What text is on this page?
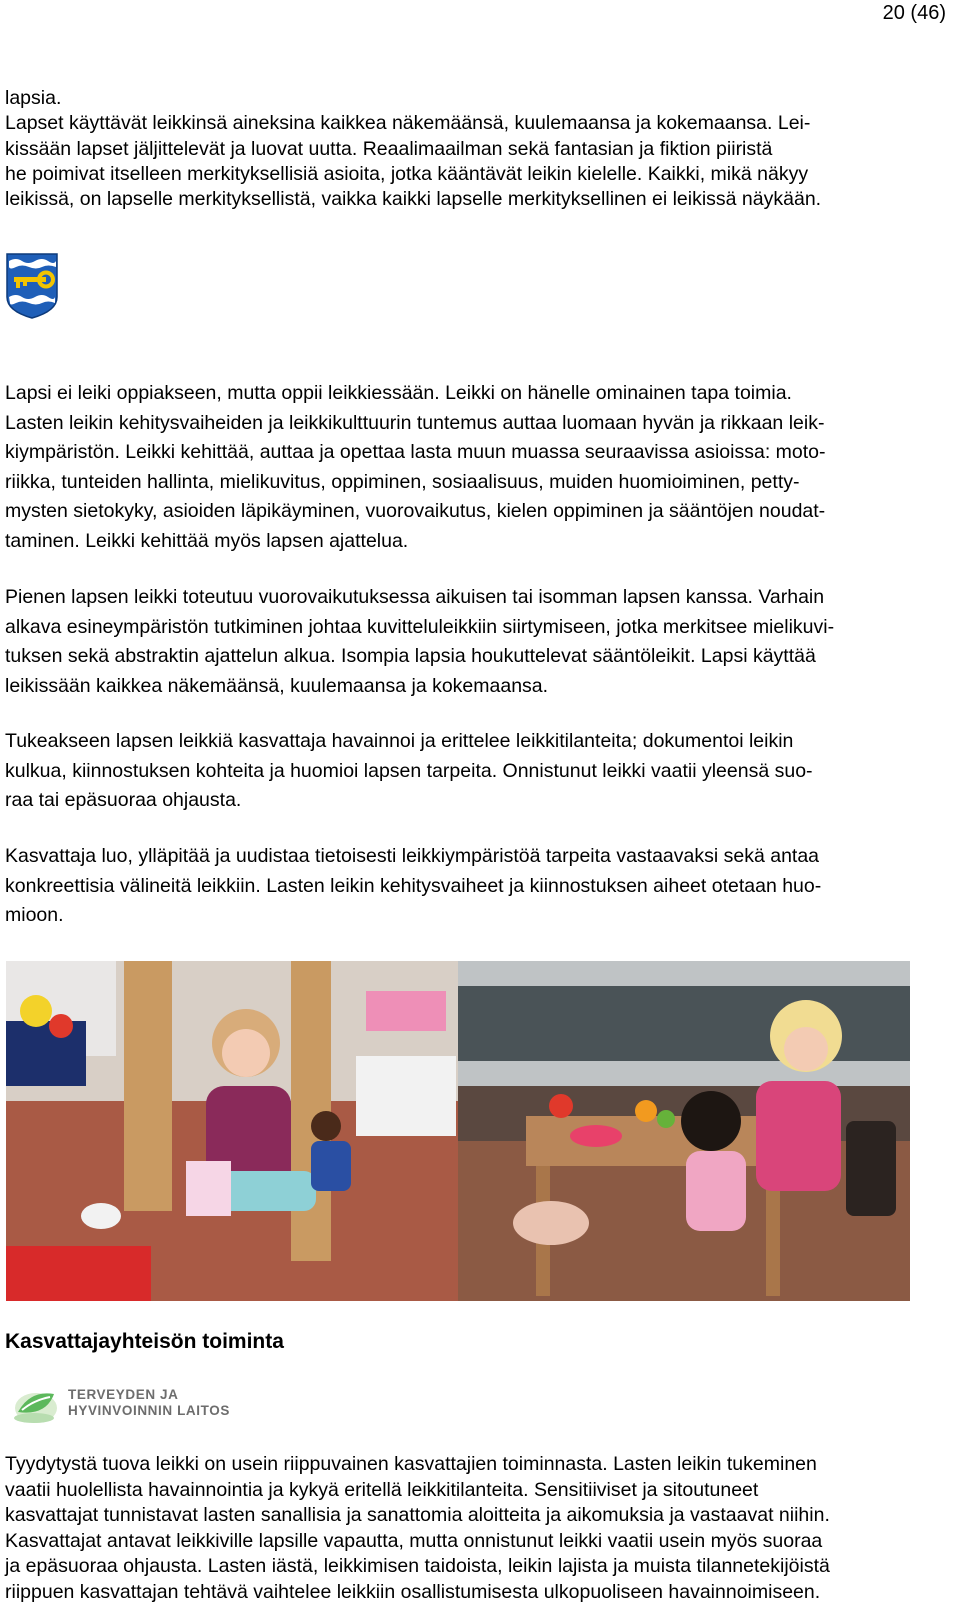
20 (46)
lapsia.
Lapset käyttävät leikkinsä aineksina kaikkea näkemäänsä, kuulemaansa ja kokemaansa. Lei-
kissään lapset jäljittelevät ja luovat uutta. Reaalimaailman sekä fantasian ja fiktion piiristä
he poimivat itselleen merkityksellisiä asioita, jotka kääntävät leikin kielelle. Kaikki, mikä näkyy
leikissä, on lapselle merkityksellistä, vaikka kaikki lapselle merkityksellinen ei leikissä näykään.
Lapsi ei leiki oppiakseen, mutta oppii leikkiessään. Leikki on hänelle ominainen tapa toimia.
Lasten leikin kehitysvaiheiden ja leikkikulttuurin tuntemus auttaa luomaan hyvän ja rikkaan leik-
kiympäristön. Leikki kehittää, auttaa ja opettaa lasta muun muassa seuraavissa asioissa: moto-
riikka, tunteiden hallinta, mielikuvitus, oppiminen, sosiaalisuus, muiden huomioiminen, petty-
mysten sietokyky, asioiden läpikäyminen, vuorovaikutus, kielen oppiminen ja sääntöjen noudat-
taminen. Leikki kehittää myös lapsen ajattelua.
Pienen lapsen leikki toteutuu vuorovaikutuksessa aikuisen tai isomman lapsen kanssa. Varhain
alkava esineympäristön tutkiminen johtaa kuvitteluleikkiin siirtymiseen, jotka merkitsee mielikuvi-
tuksen sekä abstraktin ajattelun alkua. Isompia lapsia houkuttelevat sääntöleikit. Lapsi käyttää
leikissään kaikkea näkemäänsä, kuulemaansa ja kokemaansa.
Tukeakseen lapsen leikkiä kasvattaja havainnoi ja erittelee leikkitilanteita; dokumentoi leikin
kulkua, kiinnostuksen kohteita ja huomioi lapsen tarpeita. Onnistunut leikki vaatii yleensä suo-
raa tai epäsuoraa ohjausta.
Kasvattaja luo, ylläpitää ja uudistaa tietoisesti leikkiympäristöä tarpeita vastaavaksi sekä antaa
konkreettisia välineitä leikkiin. Lasten leikin kehitysvaiheet ja kiinnostuksen aiheet otetaan huo-
mioon.
Kasvattajayhteisön toiminta
TERVEYDEN JA
HYVINVOINNIN LAITOS
Tyydytystä tuova leikki on usein riippuvainen kasvattajien toiminnasta. Lasten leikin tukeminen
vaatii huolellista havainnointia ja kykyä eritellä leikkitilanteita. Sensitiiviset ja sitoutuneet
kasvattajat tunnistavat lasten sanallisia ja sanattomia aloitteita ja aikomuksia ja vastaavat niihin.
Kasvattajat antavat leikkiville lapsille vapautta, mutta onnistunut leikki vaatii usein myös suoraa
ja epäsuoraa ohjausta. Lasten iästä, leikkimisen taidoista, leikin lajista ja muista tilannetekijöistä
riippuen kasvattajan tehtävä vaihtelee leikkiin osallistumisesta ulkopuoliseen havainnoimiseen.
